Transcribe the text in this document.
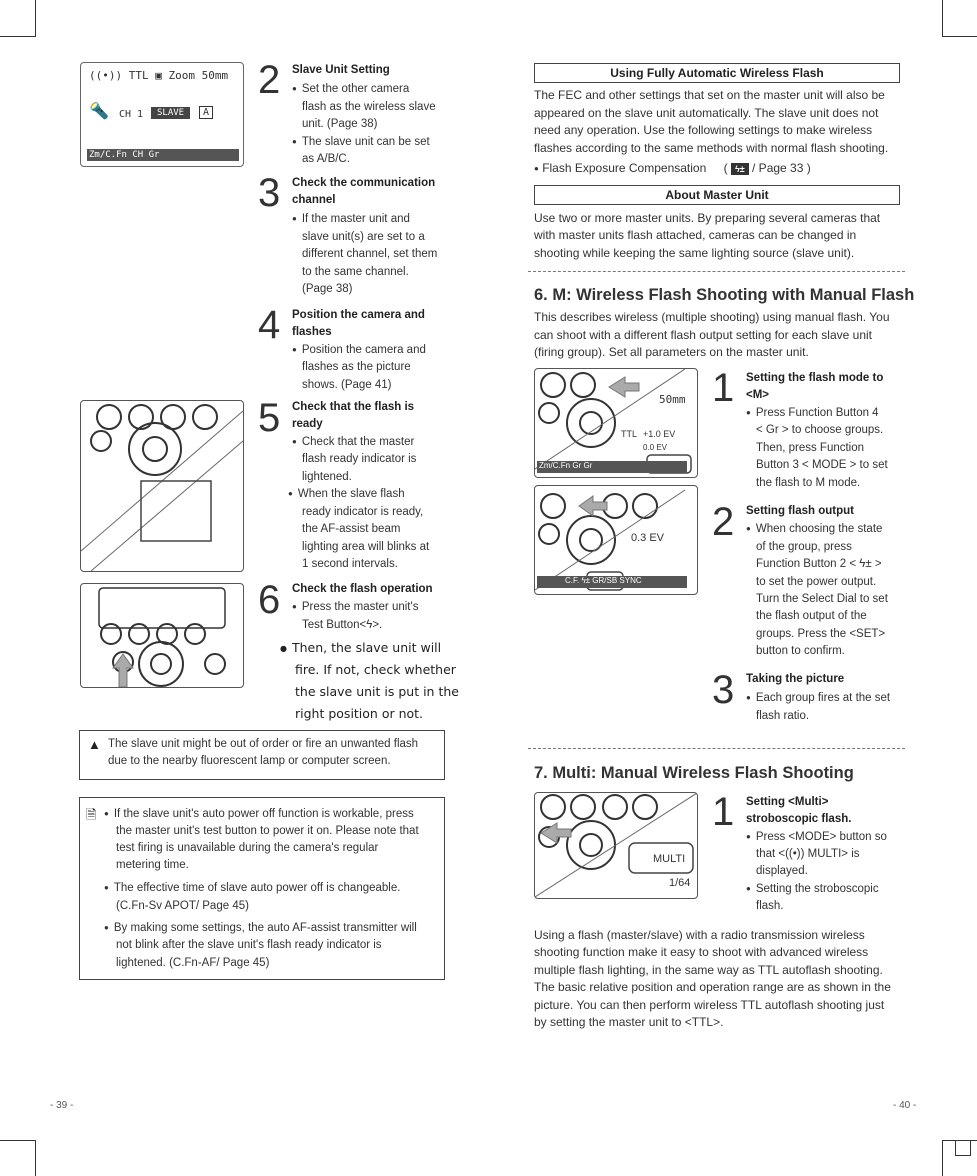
((•)) TTL ▣ Zoom 50mm
🔦 CH 1	SLAVE	A
Zm/C.Fn CH Gr
2 Slave Unit Setting
● Set the other camera
flash as the wireless slave
unit. (Page 38)
● The slave unit can be set
as A/B/C.
3 Check the communication channel
● If the master unit and
slave unit(s) are set to a
different channel, set them
to the same channel.
(Page 38)
4 Position the camera and flashes
● Position the camera and
flashes as the picture
shows. (Page 41)
5 Check that the flash is ready
● Check that the master
flash ready indicator is
lightened.
● When the slave flash
ready indicator is ready,
the AF-assist beam
lighting area will blinks at
1 second intervals.
6 Check the flash operation
● Press the master unit's
Test Button<ϟ>.
● Then, the slave unit will
fire. If not, check whether
the slave unit is put in the
right position or not.
▲ The slave unit might be out of order or fire an unwanted flash
due to the nearby fluorescent lamp or computer screen.
🗎
●	If the slave unit's auto power off function is workable, press
the master unit's test button to power it on. Please note that
test firing is unavailable during the camera's regular
metering time.
● The effective time of slave auto power off is changeable.
(C.Fn-Sv APOT/ Page 45)
● By making some settings, the auto AF-assist transmitter will
not blink after the slave unit's flash ready indicator is
lightened. (C.Fn-AF/ Page 45)
- 39 -
Using Fully Automatic Wireless Flash
The FEC and other settings that set on the master unit will also be
appeared on the slave unit automatically. The slave unit does not
need any operation. Use the following settings to make wireless
flashes according to the same methods with normal flash shooting.
● Flash Exposure Compensation ( ϟ± / Page 33 )
About Master Unit
Use two or more master units. By preparing several cameras that
with master units flash attached, cameras can be changed in
shooting while keeping the same lighting source (slave unit).
6. M: Wireless Flash Shooting with Manual Flash
This describes wireless (multiple shooting) using manual flash. You
can shoot with a different flash output setting for each slave unit
(firing group). Set all parameters on the master unit.
50mm
TTL +1.0 EV
0.0 EV
Zm/C.Fn Gr Gr
1 Setting the flash mode to
<M>
● Press Function Button 4
< Gr > to choose groups.
Then, press Function
Button 3 < MODE > to set
the flash to M mode.
0.3 EV
C.F. ϟ± GR/SB SYNC
2 Setting flash output
● When choosing the state
of the group, press
Function Button 2 < ϟ± >
to set the power output.
Turn the Select Dial to set
the flash output of the
groups. Press the <SET>
button to confirm.
3 Taking the picture
● Each group fires at the set
flash ratio.
7. Multi: Manual Wireless Flash Shooting
MULTI
1/64
1 Setting <Multi>
stroboscopic flash.
● Press <MODE> button so
that <((•)) MULTI> is
displayed.
● Setting the stroboscopic
flash.
Using a flash (master/slave) with a radio transmission wireless
shooting function make it easy to shoot with advanced wireless
multiple flash lighting, in the same way as TTL autoflash shooting.
The basic relative position and operation range are as shown in the
picture. You can then perform wireless TTL autoflash shooting just
by setting the master unit to <TTL>.
- 40 -
